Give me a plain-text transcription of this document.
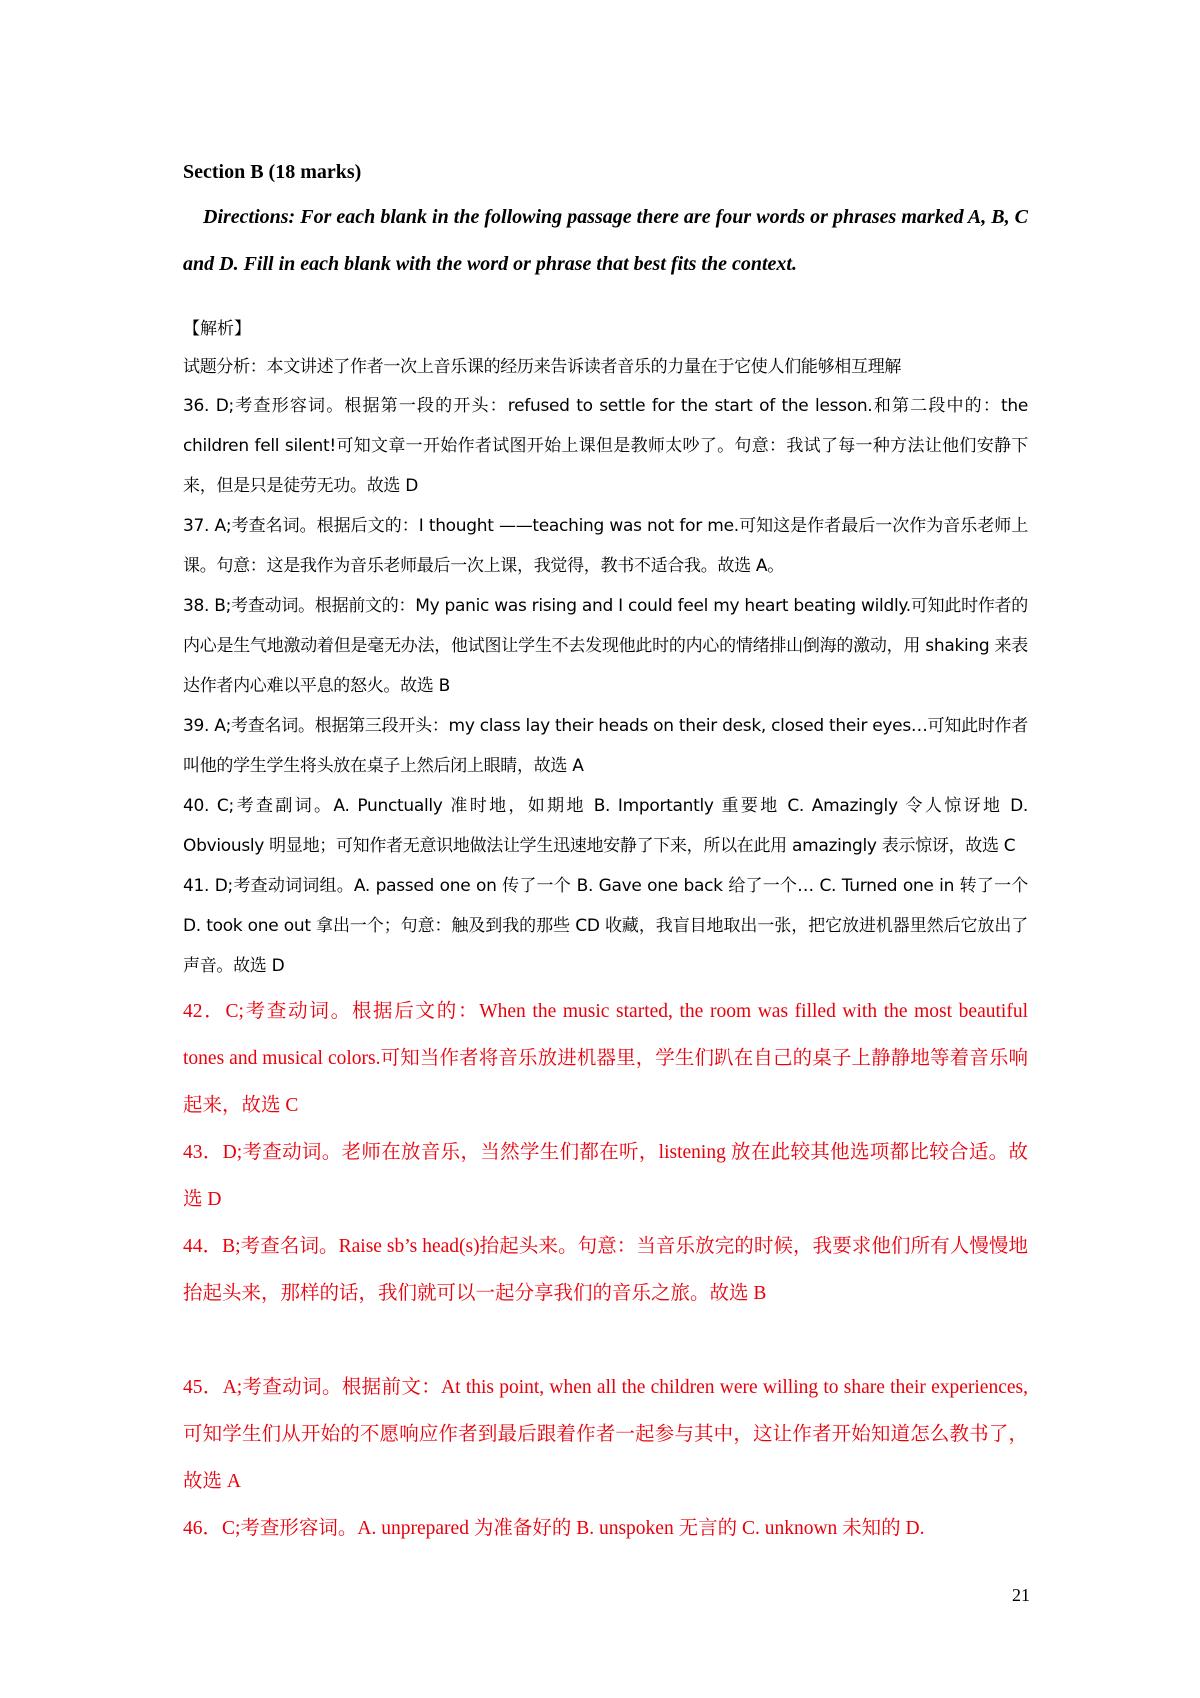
Section B (18 marks)

Directions: For each blank in the following passage there are four words or phrases marked A, B, C and D. Fill in each blank with the word or phrase that best fits the context.

【解析】

试题分析：本文讲述了作者一次上音乐课的经历来告诉读者音乐的力量在于它使人们能够相互理解

36. D;考查形容词。根据第一段的开头：refused to settle for the start of the lesson.和第二段中的：the children fell silent!可知文章一开始作者试图开始上课但是教师太吵了。句意：我试了每一种方法让他们安静下来，但是只是徒劳无功。故选 D

37. A;考查名词。根据后文的：I thought ——teaching was not for me.可知这是作者最后一次作为音乐老师上课。句意：这是我作为音乐老师最后一次上课，我觉得，教书不适合我。故选 A。

38. B;考查动词。根据前文的：My panic was rising and I could feel my heart beating wildly.可知此时作者的内心是生气地激动着但是毫无办法，他试图让学生不去发现他此时的内心的情绪排山倒海的激动，用 shaking 来表达作者内心难以平息的怒火。故选 B

39. A;考查名词。根据第三段开头：my class lay their heads on their desk, closed their eyes…可知此时作者叫他的学生学生将头放在桌子上然后闭上眼睛，故选 A

40. C;考查副词。A. Punctually 准时地，如期地 B. Importantly 重要地 C. Amazingly 令人惊讶地 D. Obviously 明显地；可知作者无意识地做法让学生迅速地安静了下来，所以在此用 amazingly 表示惊讶，故选 C

41. D;考查动词词组。A. passed one on 传了一个 B. Gave one back 给了一个… C. Turned one in 转了一个 D. took one out 拿出一个；句意：触及到我的那些 CD 收藏，我盲目地取出一张，把它放进机器里然后它放出了声音。故选 D

42．C;考查动词。根据后文的：When the music started, the room was filled with the most beautiful tones and musical colors.可知当作者将音乐放进机器里，学生们趴在自己的桌子上静静地等着音乐响起来，故选 C

43．D;考查动词。老师在放音乐，当然学生们都在听，listening 放在此较其他选项都比较合适。故选 D

44．B;考查名词。Raise sb’s head(s)抬起头来。句意：当音乐放完的时候，我要求他们所有人慢慢地抬起头来，那样的话，我们就可以一起分享我们的音乐之旅。故选 B

45．A;考查动词。根据前文：At this point, when all the children were willing to share their experiences,可知学生们从开始的不愿响应作者到最后跟着作者一起参与其中，这让作者开始知道怎么教书了，故选 A

46．C;考查形容词。A. unprepared 为准备好的 B. unspoken 无言的 C. unknown 未知的 D.

21
